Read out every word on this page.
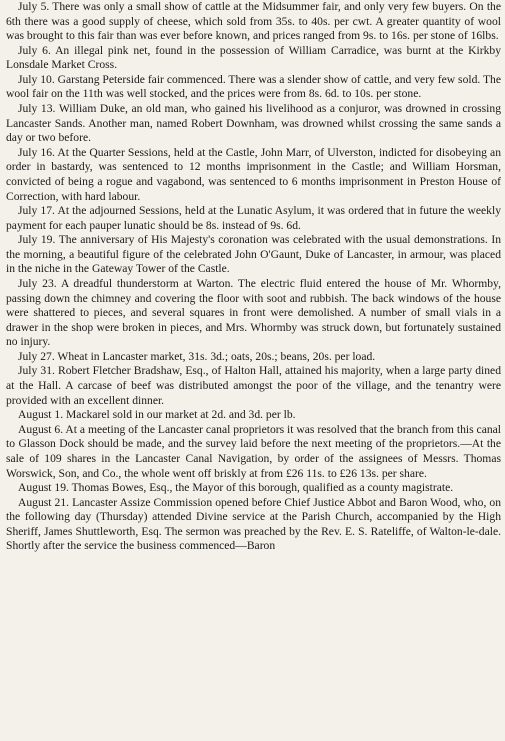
July 5. There was only a small show of cattle at the Midsummer fair, and only very few buyers. On the 6th there was a good supply of cheese, which sold from 35s. to 40s. per cwt. A greater quantity of wool was brought to this fair than was ever before known, and prices ranged from 9s. to 16s. per stone of 16lbs.

July 6. An illegal pink net, found in the possession of William Carradice, was burnt at the Kirkby Lonsdale Market Cross.

July 10. Garstang Peterside fair commenced. There was a slender show of cattle, and very few sold. The wool fair on the 11th was well stocked, and the prices were from 8s. 6d. to 10s. per stone.

July 13. William Duke, an old man, who gained his livelihood as a conjuror, was drowned in crossing Lancaster Sands. Another man, named Robert Downham, was drowned whilst crossing the same sands a day or two before.

July 16. At the Quarter Sessions, held at the Castle, John Marr, of Ulverston, indicted for disobeying an order in bastardy, was sentenced to 12 months imprisonment in the Castle; and William Horsman, convicted of being a rogue and vagabond, was sentenced to 6 months imprisonment in Preston House of Correction, with hard labour.

July 17. At the adjourned Sessions, held at the Lunatic Asylum, it was ordered that in future the weekly payment for each pauper lunatic should be 8s. instead of 9s. 6d.

July 19. The anniversary of His Majesty's coronation was celebrated with the usual demonstrations. In the morning, a beautiful figure of the celebrated John O'Gaunt, Duke of Lancaster, in armour, was placed in the niche in the Gateway Tower of the Castle.

July 23. A dreadful thunderstorm at Warton. The electric fluid entered the house of Mr. Whormby, passing down the chimney and covering the floor with soot and rubbish. The back windows of the house were shattered to pieces, and several squares in front were demolished. A number of small vials in a drawer in the shop were broken in pieces, and Mrs. Whormby was struck down, but fortunately sustained no injury.

July 27. Wheat in Lancaster market, 31s. 3d.; oats, 20s.; beans, 20s. per load.

July 31. Robert Fletcher Bradshaw, Esq., of Halton Hall, attained his majority, when a large party dined at the Hall. A carcase of beef was distributed amongst the poor of the village, and the tenantry were provided with an excellent dinner.

August 1. Mackarel sold in our market at 2d. and 3d. per lb.

August 6. At a meeting of the Lancaster canal proprietors it was resolved that the branch from this canal to Glasson Dock should be made, and the survey laid before the next meeting of the proprietors.—At the sale of 109 shares in the Lancaster Canal Navigation, by order of the assignees of Messrs. Thomas Worswick, Son, and Co., the whole went off briskly at from £26 11s. to £26 13s. per share.

August 19. Thomas Bowes, Esq., the Mayor of this borough, qualified as a county magistrate.

August 21. Lancaster Assize Commission opened before Chief Justice Abbot and Baron Wood, who, on the following day (Thursday) attended Divine service at the Parish Church, accompanied by the High Sheriff, James Shuttleworth, Esq. The sermon was preached by the Rev. E. S. Rateliffe, of Walton-le-dale. Shortly after the service the business commenced—Baron
